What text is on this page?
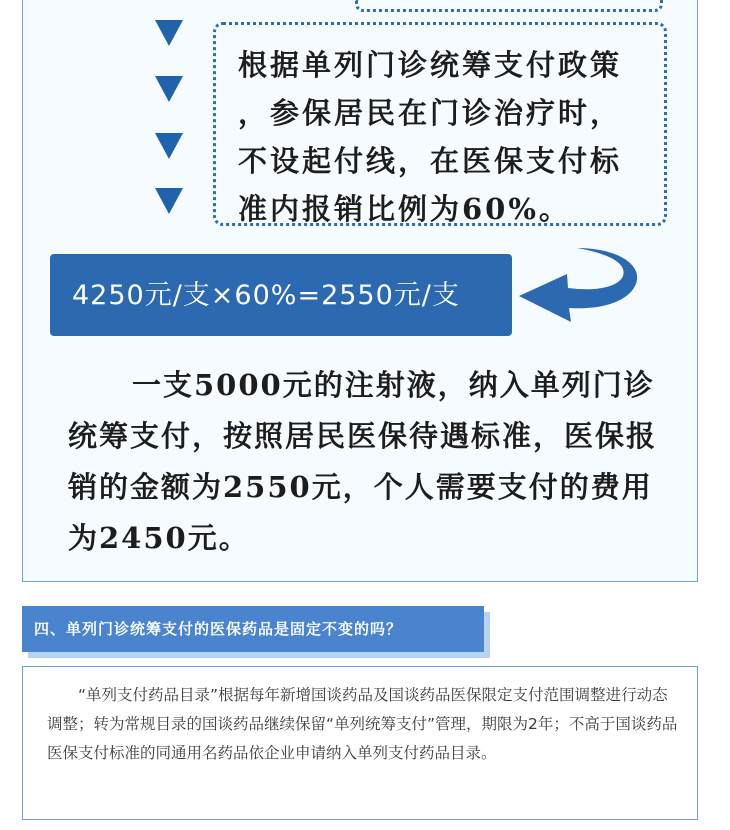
根据单列门诊统筹支付政策
，参保居民在门诊治疗时，
不设起付线，在医保支付标
准内报销比例为60%。
4250元/支×60%=2550元/支
一支5000元的注射液，纳入单列门诊统筹支付，按照居民医保待遇标准，医保报销的金额为2550元，个人需要支付的费用为2450元。
四、单列门诊统筹支付的医保药品是固定不变的吗？

“单列支付药品目录”根据每年新增国谈药品及国谈药品医保限定支付范围调整进行动态调整；转为常规目录的国谈药品继续保留“单列统筹支付”管理，期限为2年；不高于国谈药品医保支付标准的同通用名药品依企业申请纳入单列支付药品目录。
